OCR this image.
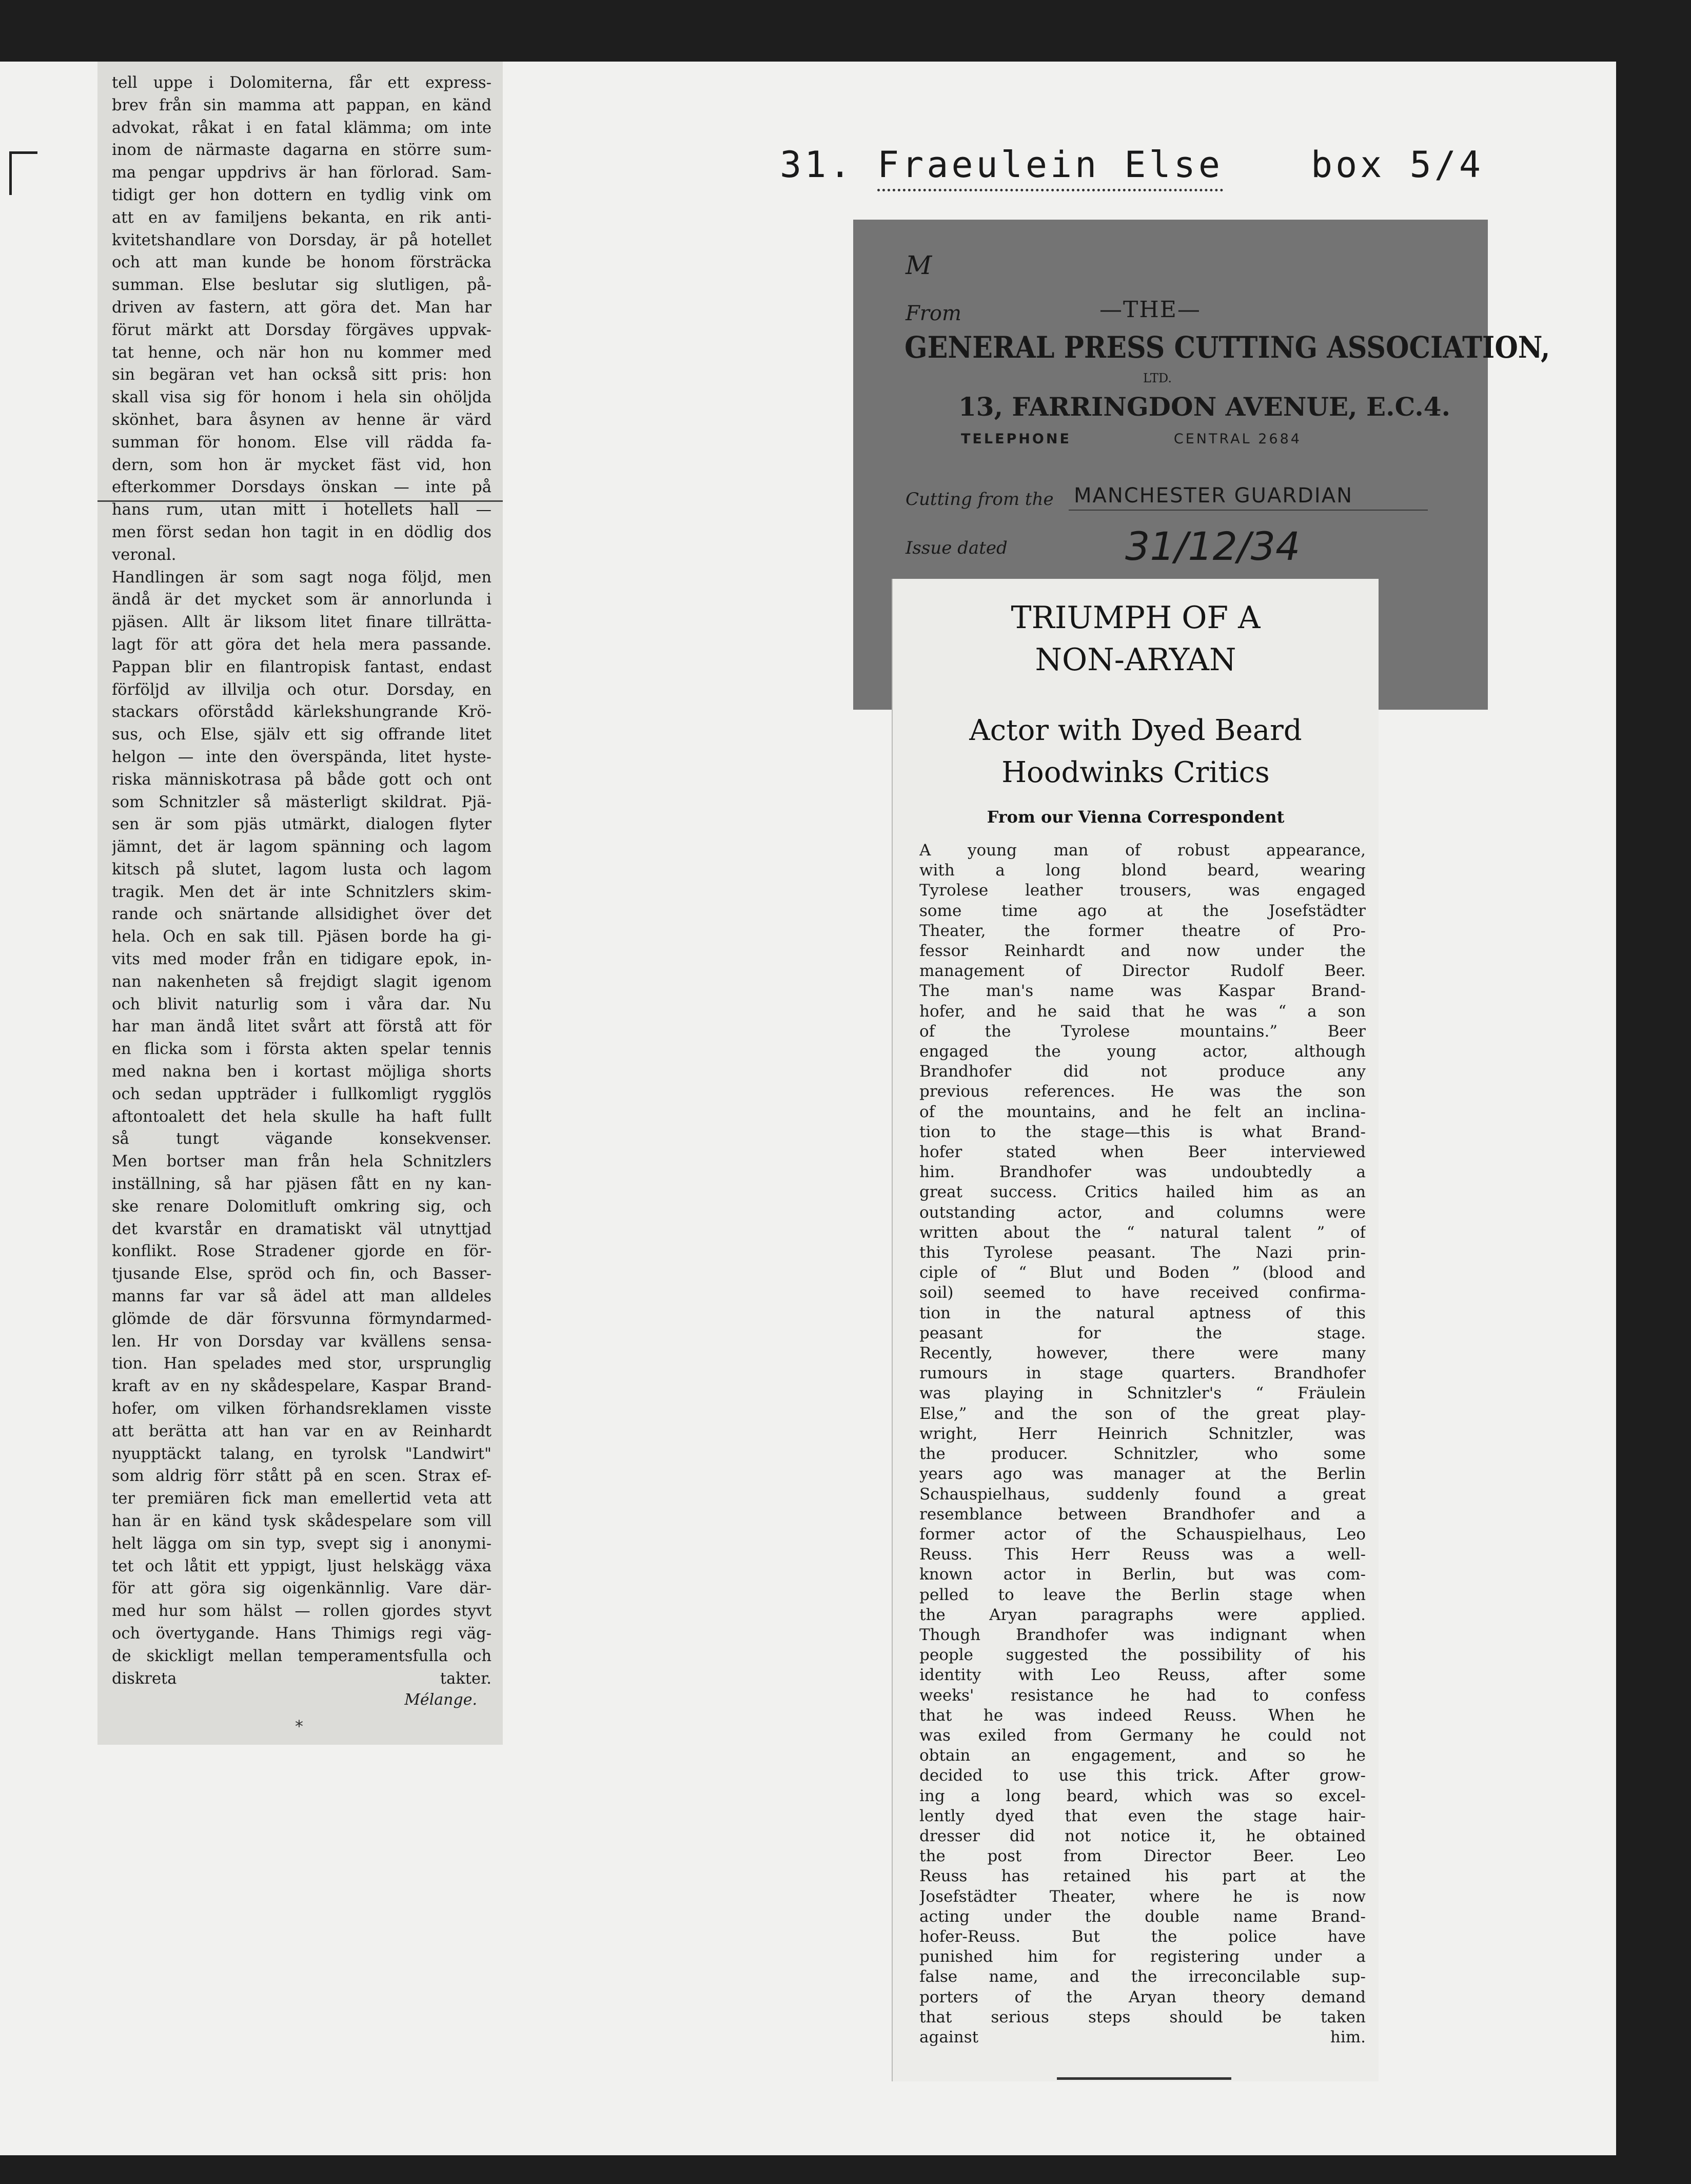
31. Fraeulein Else box 5/4
tell uppe i Dolomiterna, får ett express-
brev från sin mamma att pappan, en känd
advokat, råkat i en fatal klämma; om inte
inom de närmaste dagarna en större sum-
ma pengar uppdrivs är han förlorad. Sam-
tidigt ger hon dottern en tydlig vink om
att en av familjens bekanta, en rik anti-
kvitetshandlare von Dorsday, är på hotellet
och att man kunde be honom försträcka
summan. Else beslutar sig slutligen, på-
driven av fastern, att göra det. Man har
förut märkt att Dorsday förgäves uppvak-
tat henne, och när hon nu kommer med
sin begäran vet han också sitt pris: hon
skall visa sig för honom i hela sin ohöljda
skönhet, bara åsynen av henne är värd
summan för honom. Else vill rädda fa-
dern, som hon är mycket fäst vid, hon
efterkommer Dorsdays önskan — inte på
hans rum, utan mitt i hotellets hall —
men först sedan hon tagit in en dödlig dos
veronal.
Handlingen är som sagt noga följd, men
ändå är det mycket som är annorlunda i
pjäsen. Allt är liksom litet finare tillrätta-
lagt för att göra det hela mera passande.
Pappan blir en filantropisk fantast, endast
förföljd av illvilja och otur. Dorsday, en
stackars oförstådd kärlekshungrande Krö-
sus, och Else, själv ett sig offrande litet
helgon — inte den överspända, litet hyste-
riska människotrasa på både gott och ont
som Schnitzler så mästerligt skildrat. Pjä-
sen är som pjäs utmärkt, dialogen flyter
jämnt, det är lagom spänning och lagom
kitsch på slutet, lagom lusta och lagom
tragik. Men det är inte Schnitzlers skim-
rande och snärtande allsidighet över det
hela. Och en sak till. Pjäsen borde ha gi-
vits med moder från en tidigare epok, in-
nan nakenheten så frejdigt slagit igenom
och blivit naturlig som i våra dar. Nu
har man ändå litet svårt att förstå att för
en flicka som i första akten spelar tennis
med nakna ben i kortast möjliga shorts
och sedan uppträder i fullkomligt rygglös
aftontoalett det hela skulle ha haft fullt
så tungt vägande konsekvenser.
Men bortser man från hela Schnitzlers
inställning, så har pjäsen fått en ny kan-
ske renare Dolomitluft omkring sig, och
det kvarstår en dramatiskt väl utnyttjad
konflikt. Rose Stradener gjorde en för-
tjusande Else, spröd och fin, och Basser-
manns far var så ädel att man alldeles
glömde de där försvunna förmyndarmed-
len. Hr von Dorsday var kvällens sensa-
tion. Han spelades med stor, ursprunglig
kraft av en ny skådespelare, Kaspar Brand-
hofer, om vilken förhandsreklamen visste
att berätta att han var en av Reinhardt
nyupptäckt talang, en tyrolsk "Landwirt"
som aldrig förr stått på en scen. Strax ef-
ter premiären fick man emellertid veta att
han är en känd tysk skådespelare som vill
helt lägga om sin typ, svept sig i anonymi-
tet och låtit ett yppigt, ljust helskägg växa
för att göra sig oigenkännlig. Vare där-
med hur som hälst — rollen gjordes styvt
och övertygande. Hans Thimigs regi väg-
de skickligt mellan temperamentsfulla och
diskreta takter.
Mélange.
*
M
From	—THE—
GENERAL PRESS CUTTING ASSOCIATION,
LTD.
13, FARRINGDON AVENUE, E.C.4.
TELEPHONE	CENTRAL 2684
Cutting from the MANCHESTER GUARDIAN
Issue dated	31/12/34
TRIUMPH OF A
NON-ARYAN
Actor with Dyed Beard
Hoodwinks Critics
From our Vienna Correspondent
A young man of robust appearance,
with a long blond beard, wearing
Tyrolese leather trousers, was engaged
some time ago at the Josefstädter
Theater, the former theatre of Pro-
fessor Reinhardt and now under the
management of Director Rudolf Beer.
The man's name was Kaspar Brand-
hofer, and he said that he was “ a son
of the Tyrolese mountains.” Beer
engaged the young actor, although
Brandhofer did not produce any
previous references. He was the son
of the mountains, and he felt an inclina-
tion to the stage—this is what Brand-
hofer stated when Beer interviewed
him. Brandhofer was undoubtedly a
great success. Critics hailed him as an
outstanding actor, and columns were
written about the “ natural talent ” of
this Tyrolese peasant. The Nazi prin-
ciple of “ Blut und Boden ” (blood and
soil) seemed to have received confirma-
tion in the natural aptness of this
peasant for the stage.
Recently, however, there were many
rumours in stage quarters. Brandhofer
was playing in Schnitzler's “ Fräulein
Else,” and the son of the great play-
wright, Herr Heinrich Schnitzler, was
the producer. Schnitzler, who some
years ago was manager at the Berlin
Schauspielhaus, suddenly found a great
resemblance between Brandhofer and a
former actor of the Schauspielhaus, Leo
Reuss. This Herr Reuss was a well-
known actor in Berlin, but was com-
pelled to leave the Berlin stage when
the Aryan paragraphs were applied.
Though Brandhofer was indignant when
people suggested the possibility of his
identity with Leo Reuss, after some
weeks' resistance he had to confess
that he was indeed Reuss. When he
was exiled from Germany he could not
obtain an engagement, and so he
decided to use this trick. After grow-
ing a long beard, which was so excel-
lently dyed that even the stage hair-
dresser did not notice it, he obtained
the post from Director Beer. Leo
Reuss has retained his part at the
Josefstädter Theater, where he is now
acting under the double name Brand-
hofer-Reuss. But the police have
punished him for registering under a
false name, and the irreconcilable sup-
porters of the Aryan theory demand
that serious steps should be taken
against him.
